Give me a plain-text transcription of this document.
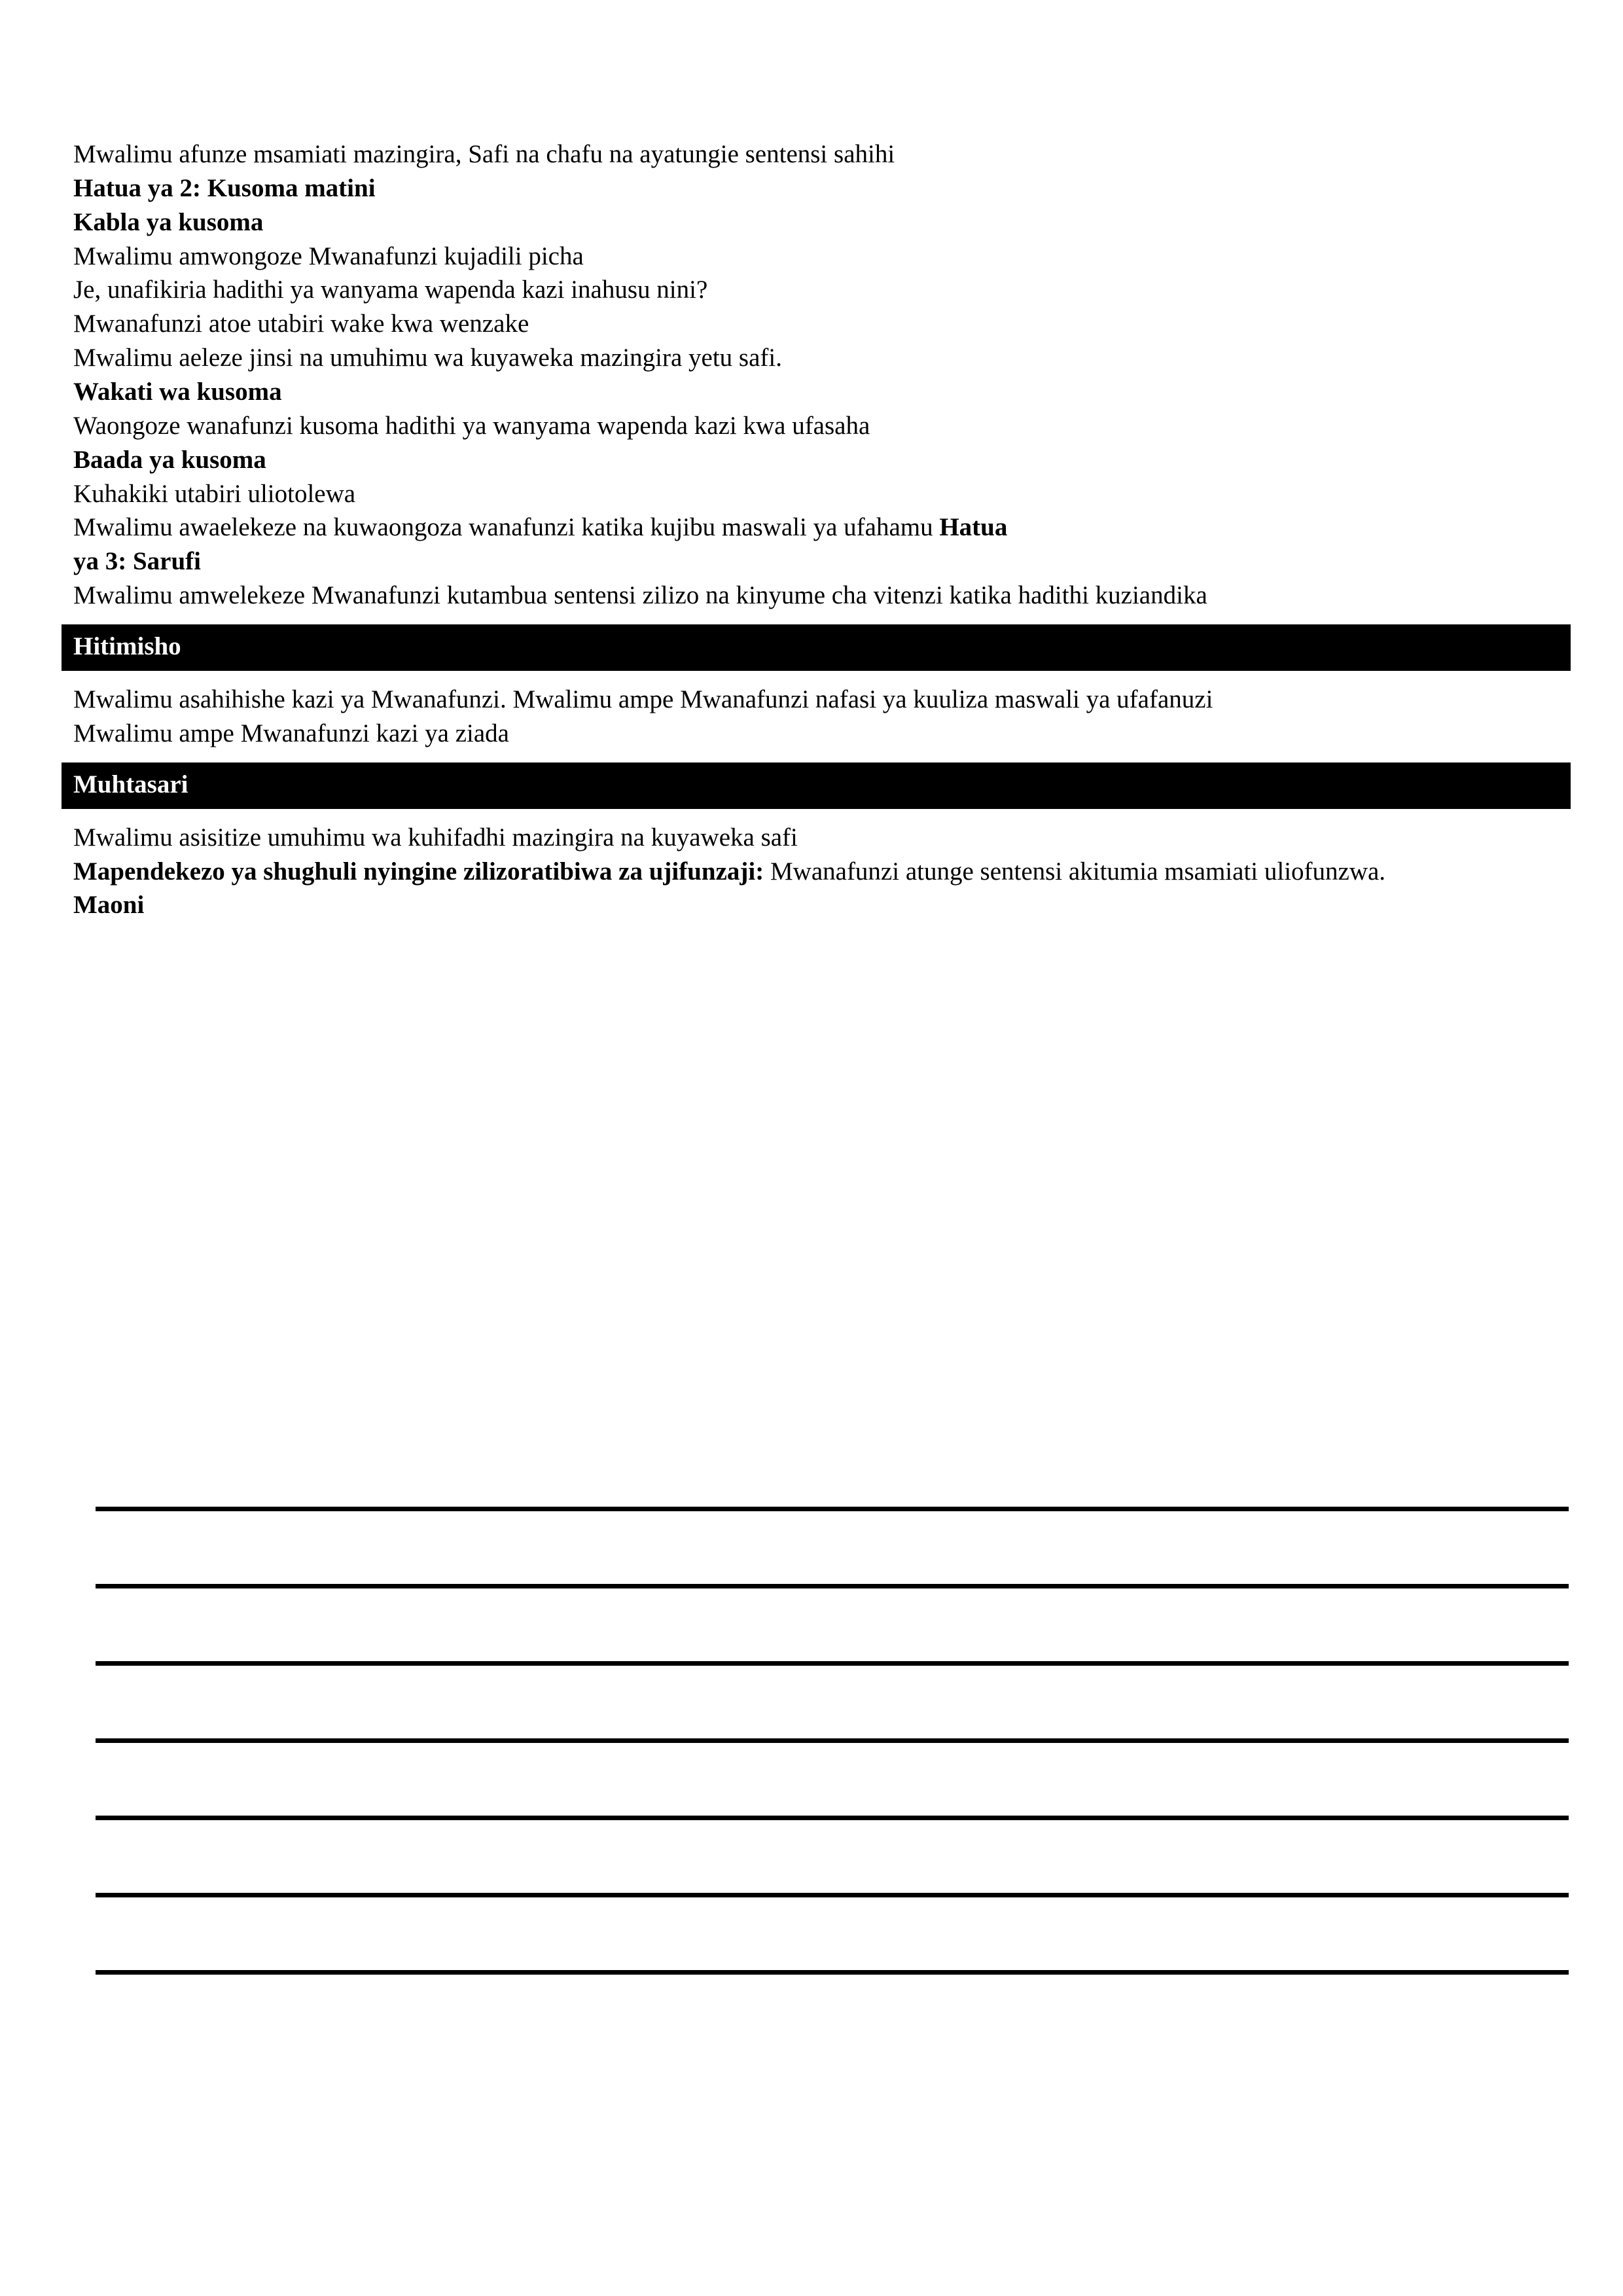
Mwalimu afunze msamiati mazingira, Safi na chafu na ayatungie sentensi sahihi

Hatua ya 2: Kusoma matini
Kabla ya kusoma

Mwalimu amwongoze Mwanafunzi kujadili picha

Je, unafikiria hadithi ya wanyama wapenda kazi inahusu nini?

Mwanafunzi atoe utabiri wake kwa wenzake

Mwalimu aeleze jinsi na umuhimu wa kuyaweka mazingira yetu safi.

Wakati wa kusoma

Waongoze wanafunzi kusoma hadithi ya wanyama wapenda kazi kwa ufasaha

Baada ya kusoma

Kuhakiki utabiri uliotolewa

Mwalimu awaelekeze na kuwaongoza wanafunzi katika kujibu maswali ya ufahamu Hatua

ya 3: Sarufi

Mwalimu amwelekeze Mwanafunzi kutambua sentensi zilizo na kinyume cha vitenzi katika hadithi kuziandika

Hitimisho

Mwalimu asahihishe kazi ya Mwanafunzi. Mwalimu ampe Mwanafunzi nafasi ya kuuliza maswali ya ufafanuzi

Mwalimu ampe Mwanafunzi kazi ya ziada

Muhtasari

Mwalimu asisitize umuhimu wa kuhifadhi mazingira na kuyaweka safi

Mapendekezo ya shughuli nyingine zilizoratibiwa za ujifunzaji: Mwanafunzi atunge sentensi akitumia msamiati uliofunzwa.

Maoni
